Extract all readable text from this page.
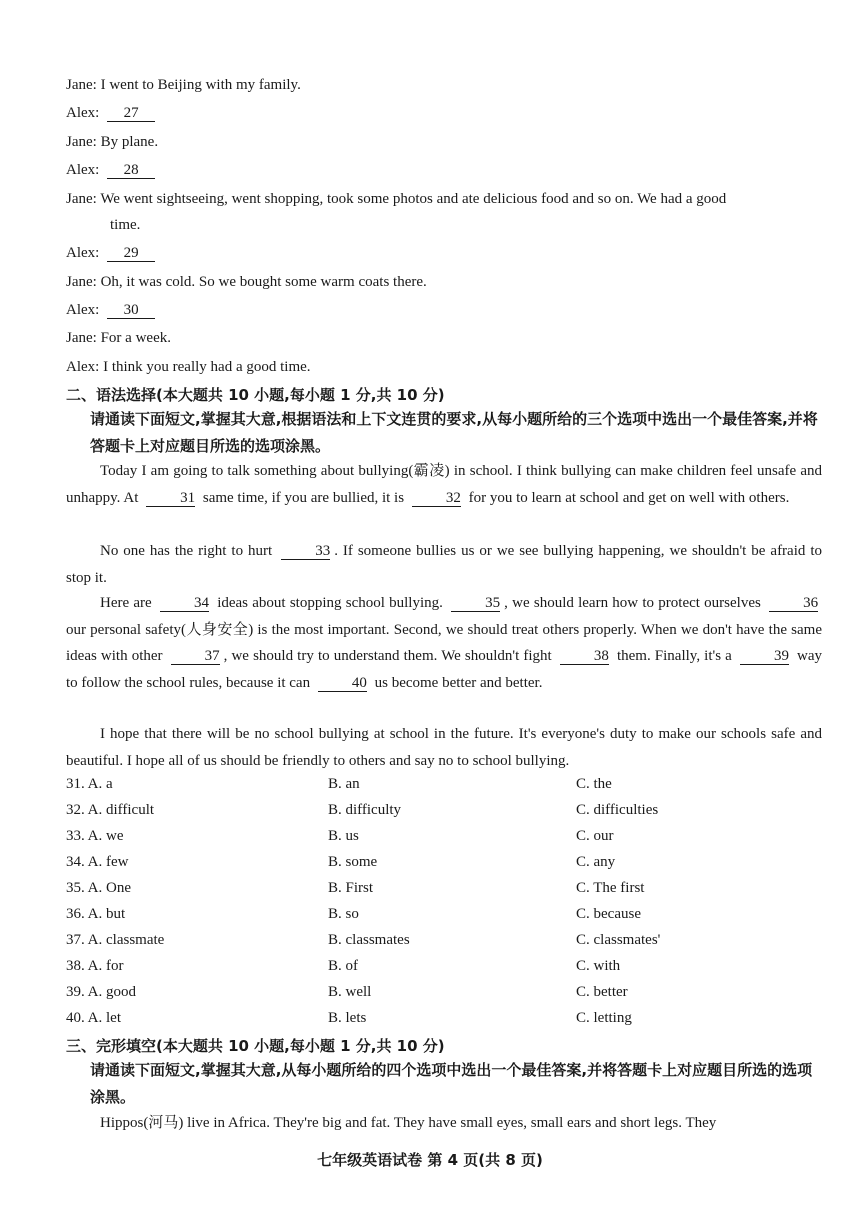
Jane: I went to Beijing with my family.
Alex: 27
Jane: By plane.
Alex: 28
Jane: We went sightseeing, went shopping, took some photos and ate delicious food and so on. We had a good
time.
Alex: 29
Jane: Oh, it was cold. So we bought some warm coats there.
Alex: 30
Jane: For a week.
Alex: I think you really had a good time.
二、语法选择(本大题共 10 小题,每小题 1 分,共 10 分)
请通读下面短文,掌握其大意,根据语法和上下文连贯的要求,从每小题所给的三个选项中选出一个最佳答案,并将答题卡上对应题目所选的选项涂黑。
Today I am going to talk something about bullying(霸凌) in school. I think bullying can make children feel unsafe and unhappy. At	31 same time, if you are bullied, it is	32 for you to learn at school and get on well with others.
No one has the right to hurt	33 . If someone bullies us or we see bullying happening, we shouldn't be afraid to stop it.
Here are	34 ideas about stopping school bullying.	35 , we should learn how to protect ourselves	36 our personal safety(人身安全) is the most important. Second, we should treat others properly. When we don't have the same ideas with other	37 , we should try to understand them. We shouldn't fight	38 them. Finally, it's a	39 way to follow the school rules, because it can	40 us become better and better.
I hope that there will be no school bullying at school in the future. It's everyone's duty to make our schools safe and beautiful. I hope all of us should be friendly to others and say no to school bullying.
31. A. a	B. an	C. the
32. A. difficult	B. difficulty	C. difficulties
33. A. we	B. us	C. our
34. A. few	B. some	C. any
35. A. One	B. First	C. The first
36. A. but	B. so	C. because
37. A. classmate	B. classmates	C. classmates'
38. A. for	B. of	C. with
39. A. good	B. well	C. better
40. A. let	B. lets	C. letting
三、完形填空(本大题共 10 小题,每小题 1 分,共 10 分)
请通读下面短文,掌握其大意,从每小题所给的四个选项中选出一个最佳答案,并将答题卡上对应题目所选的选项涂黑。
Hippos(河马) live in Africa. They're big and fat. They have small eyes, small ears and short legs. They
七年级英语试卷 第 4 页(共 8 页)
